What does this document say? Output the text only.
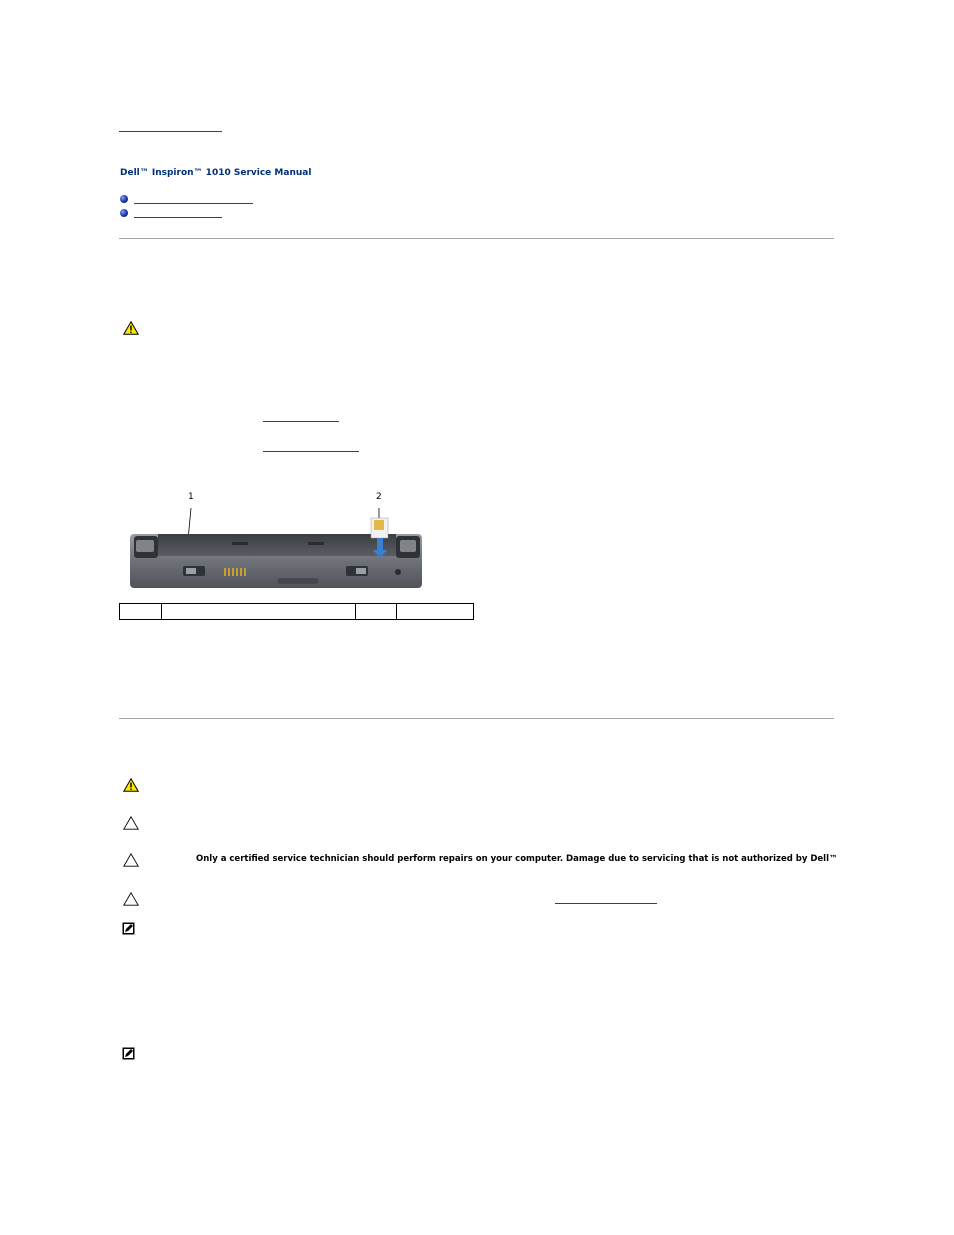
Dell™ Inspiron™ 1010 Service Manual
1	2

Only a certified service technician should perform repairs on your computer. Damage due to servicing that is not authorized by Dell™
